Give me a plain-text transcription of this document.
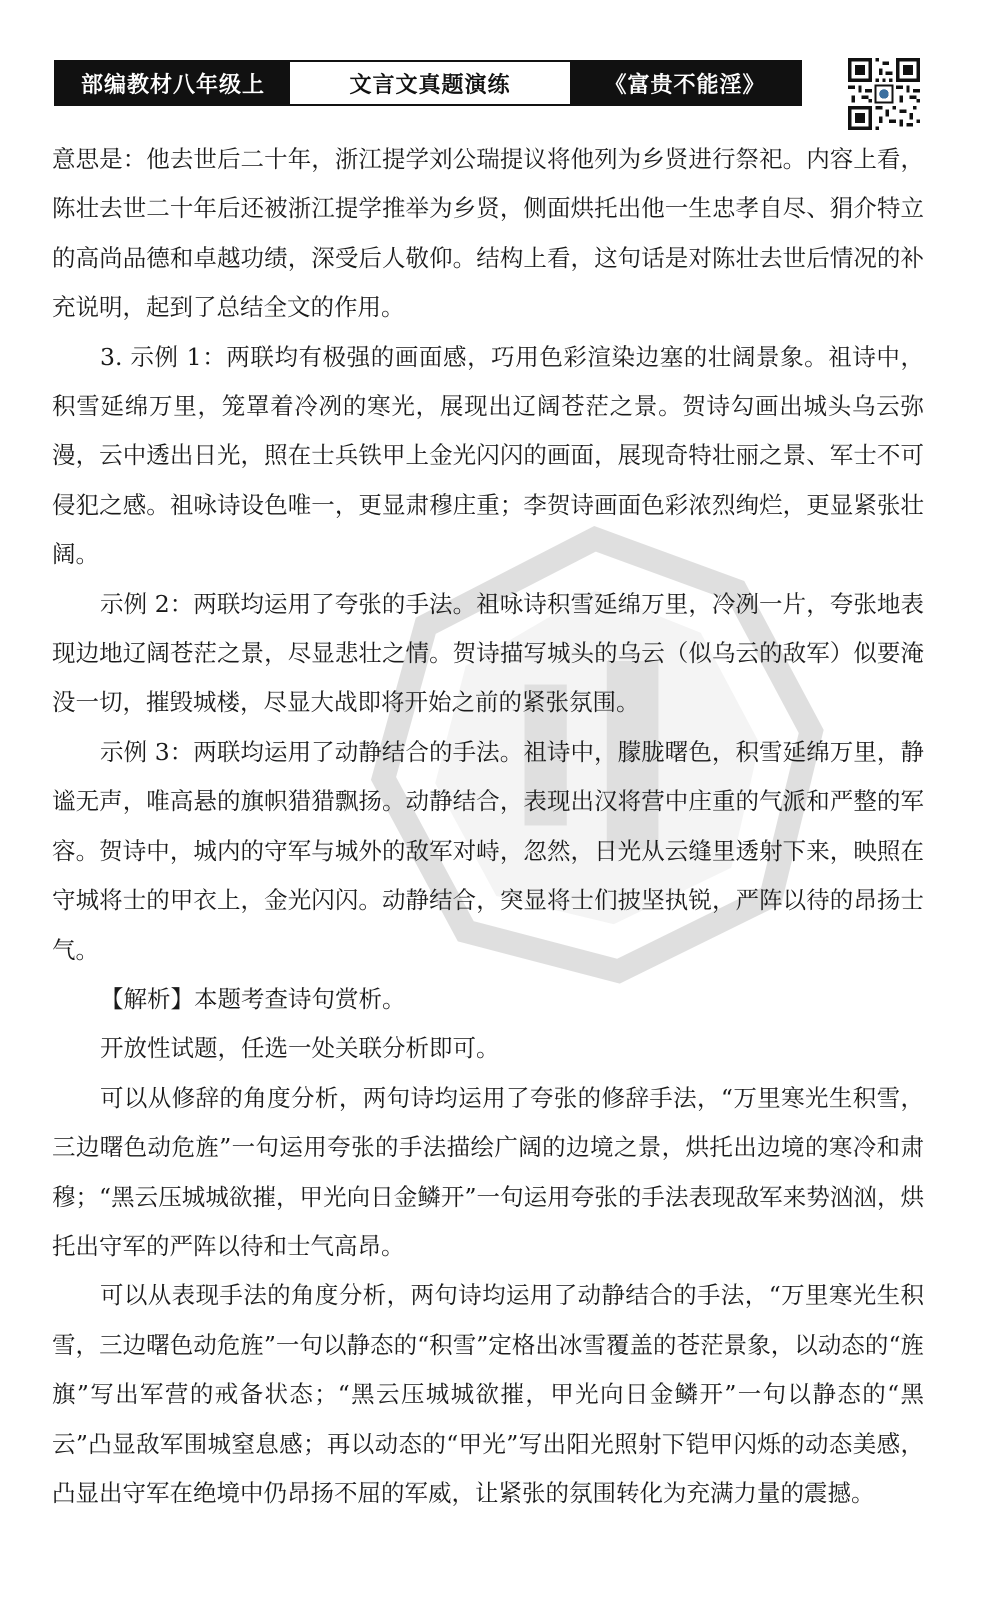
部编教材八年级上	文言文真题演练	《富贵不能淫》

意思是：他去世后二十年，浙江提学刘公瑞提议将他列为乡贤进行祭祀。内容上看，陈壮去世二十年后还被浙江提学推举为乡贤，侧面烘托出他一生忠孝自尽、狷介特立的高尚品德和卓越功绩，深受后人敬仰。结构上看，这句话是对陈壮去世后情况的补充说明，起到了总结全文的作用。

3. 示例 1：两联均有极强的画面感，巧用色彩渲染边塞的壮阔景象。祖诗中，积雪延绵万里，笼罩着冷冽的寒光，展现出辽阔苍茫之景。贺诗勾画出城头乌云弥漫，云中透出日光，照在士兵铁甲上金光闪闪的画面，展现奇特壮丽之景、军士不可侵犯之感。祖咏诗设色唯一，更显肃穆庄重；李贺诗画面色彩浓烈绚烂，更显紧张壮阔。

示例 2：两联均运用了夸张的手法。祖咏诗积雪延绵万里，冷冽一片，夸张地表现边地辽阔苍茫之景，尽显悲壮之情。贺诗描写城头的乌云（似乌云的敌军）似要淹没一切，摧毁城楼，尽显大战即将开始之前的紧张氛围。

示例 3：两联均运用了动静结合的手法。祖诗中，朦胧曙色，积雪延绵万里，静谧无声，唯高悬的旗帜猎猎飘扬。动静结合，表现出汉将营中庄重的气派和严整的军容。贺诗中，城内的守军与城外的敌军对峙，忽然，日光从云缝里透射下来，映照在守城将士的甲衣上，金光闪闪。动静结合，突显将士们披坚执锐，严阵以待的昂扬士气。

【解析】本题考查诗句赏析。

开放性试题，任选一处关联分析即可。

可以从修辞的角度分析，两句诗均运用了夸张的修辞手法，“万里寒光生积雪，三边曙色动危旌”一句运用夸张的手法描绘广阔的边境之景，烘托出边境的寒冷和肃穆；“黑云压城城欲摧，甲光向日金鳞开”一句运用夸张的手法表现敌军来势汹汹，烘托出守军的严阵以待和士气高昂。

可以从表现手法的角度分析，两句诗均运用了动静结合的手法，“万里寒光生积雪，三边曙色动危旌”一句以静态的“积雪”定格出冰雪覆盖的苍茫景象，以动态的“旌旗”写出军营的戒备状态；“黑云压城城欲摧，甲光向日金鳞开”一句以静态的“黑云”凸显敌军围城窒息感；再以动态的“甲光”写出阳光照射下铠甲闪烁的动态美感，凸显出守军在绝境中仍昂扬不屈的军威，让紧张的氛围转化为充满力量的震撼。
